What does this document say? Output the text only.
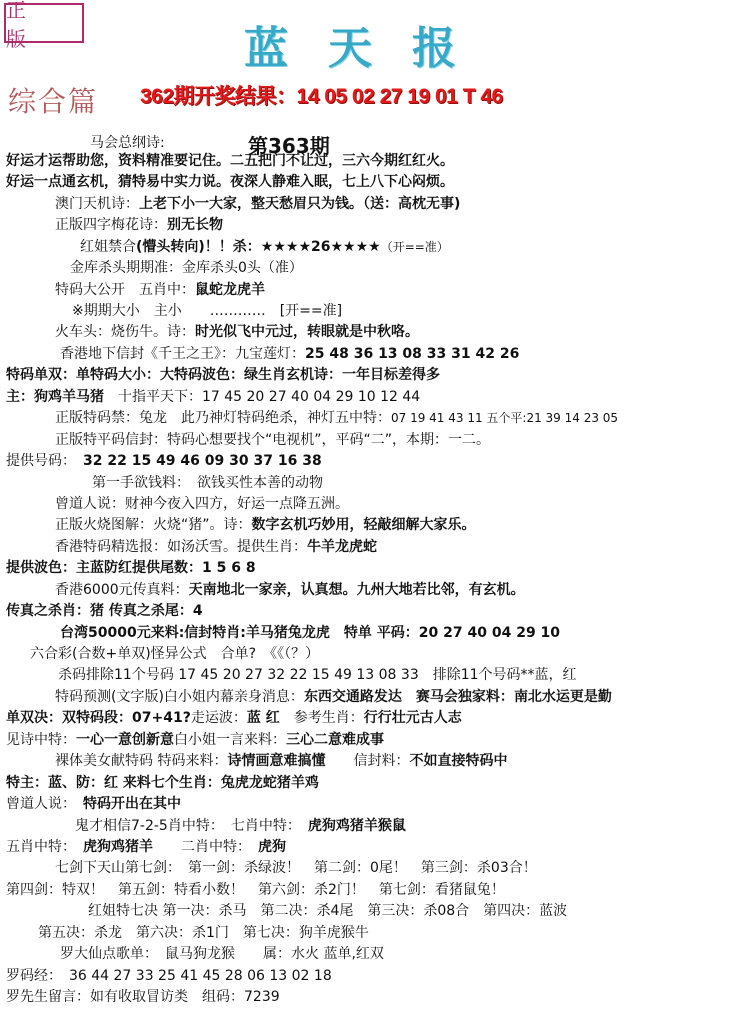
正 版	蓝天报
综合篇 362期开奖结果：14 05 02 27 19 01 T 46
第363期
马会总纲诗:
好运才运帮助您，资料精准要记住。二五把门不让过，三六今期红红火。
好运一点通玄机，猜特易中实力说。夜深人静难入眠，七上八下心闷烦。
澳门天机诗：上老下小一大家，整天愁眉只为钱。（送：高枕无事)
正版四字梅花诗：别无长物
红姐禁合(懵头转向)！！杀：★★★★26★★★★（开==准）
金库杀头期期准：金库杀头0头（准）
特码大公开　五肖中：鼠蛇龙虎羊
※期期大小　主小　　…………　[开==准]
火车头：烧伤牛。诗：时光似飞中元过，转眼就是中秋咯。
香港地下信封《千王之王》：九宝莲灯：25 48 36 13 08 33 31 42 26
特码单双：单特码大小：大特码波色：绿生肖玄机诗：一年目标差得多
主：狗鸡羊马猪　十指平天下：17 45 20 27 40 04 29 10 12 44
正版特码禁：兔龙　此乃神灯特码绝杀，神灯五中特：07 19 41 43 11 五个平:21 39 14 23 05
正版特平码信封：特码心想要找个“电视机”，平码“二”，本期：一二。
提供号码：　32 22 15 49 46 09 30 37 16 38
第一手欲钱料：　欲钱买性本善的动物
曾道人说：财神今夜入四方，好运一点降五洲。
正版火烧图解：火烧“猪”。诗：数字玄机巧妙用，轻敲细解大家乐。
香港特码精选报：如汤沃雪。提供生肖：牛羊龙虎蛇
提供波色：主蓝防红提供尾数：1 5 6 8
香港6000元传真料：天南地北一家亲，认真想。九州大地若比邻，有玄机。
传真之杀肖：猪 传真之杀尾：4
台湾50000元来料:信封特肖:羊马猪兔龙虎　特单 平码：20 27 40 04 29 10
六合彩(合数+单双)怪异公式　合单?　《《（？）
杀码排除11个号码 17 45 20 27 32 22 15 49 13 08 33　排除11个号码**蓝，红
特码预测(文字版)白小姐内幕亲身消息：东西交通路发达　赛马会独家料：南北水运更是勤
单双决：双特码段：07+41?走运波：蓝 红　参考生肖：行行壮元古人志
见诗中特：一心一意创新意白小姐一言来料：三心二意难成事
裸体美女献特码 特码来料：诗情画意难搞懂　　信封料：不如直接特码中
特主：蓝、防：红 来料七个生肖：兔虎龙蛇猪羊鸡
曾道人说：　特码开出在其中
鬼才相信7-2-5肖中特：　七肖中特：　虎狗鸡猪羊猴鼠
五肖中特：　虎狗鸡猪羊　　二肖中特：　虎狗
七剑下天山第七剑：　第一剑：杀绿波！　第二剑：0尾！　第三剑：杀03合！
第四剑：特双！　第五剑：特看小数！　第六剑：杀2门！　第七剑：看猪鼠兔！
红姐特七决 第一决：杀马　第二决：杀4尾　第三决：杀08合　第四决：蓝波
第五决：杀龙　第六决：杀1门　第七决：狗羊虎猴牛
罗大仙点歌单：　鼠马狗龙猴　　属：水火 蓝单,红双
罗码经：　36 44 27 33 25 41 45 28 06 13 02 18
罗先生留言：如有收取冒访类　组码：7239
